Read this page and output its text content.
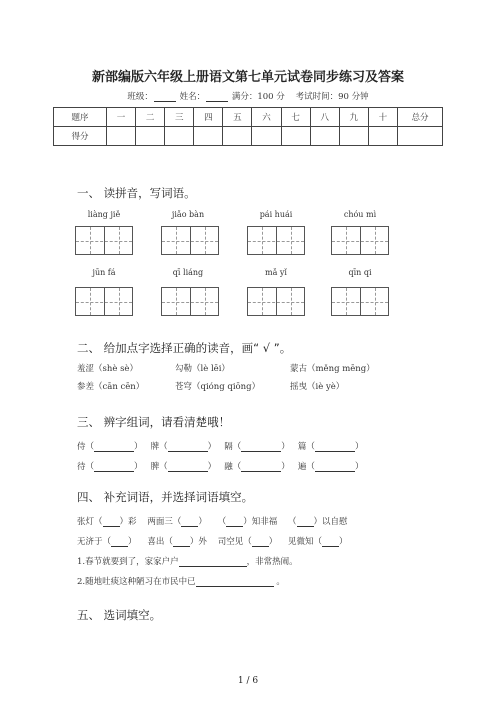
新部编版六年级上册语文第七单元试卷同步练习及答案
班级：	姓名：	满分：100 分 考试时间：90 分钟
题序	一	二	三	四	五	六	七	八	九	十	总分
得分											
一、 读拼音，写词语。
liàng jiě	jiǎo bàn	pái huái	chóu mì
jūn fá	qī liáng	mǎ yǐ	qīn qi
二、 给加点字选择正确的读音，画“ √ ”。
羞涩（shè sè）	勾勒（lè lēi）	蒙古（měng mēng）
参差（cān cēn）	苍穹（qióng qiōng）	摇曳（iè yè）
三、 辨字组词，请看清楚哦！
侍（	） 牌（	） 隔（	） 篇（	）
待（	） 脾（	） 融（	） 遍（	）
四、 补充词语，并选择词语填空。
张灯（ ）彩 两面三（ ） （ ）知非福 （ ）以自慰
无济于（ ） 喜出（ ）外 司空见（ ） 见微知（ ）
1.春节就要到了，家家户户	，非常热闹。
2.随地吐痰这种陋习在市民中已	。
五、 选词填空。
1 / 6
